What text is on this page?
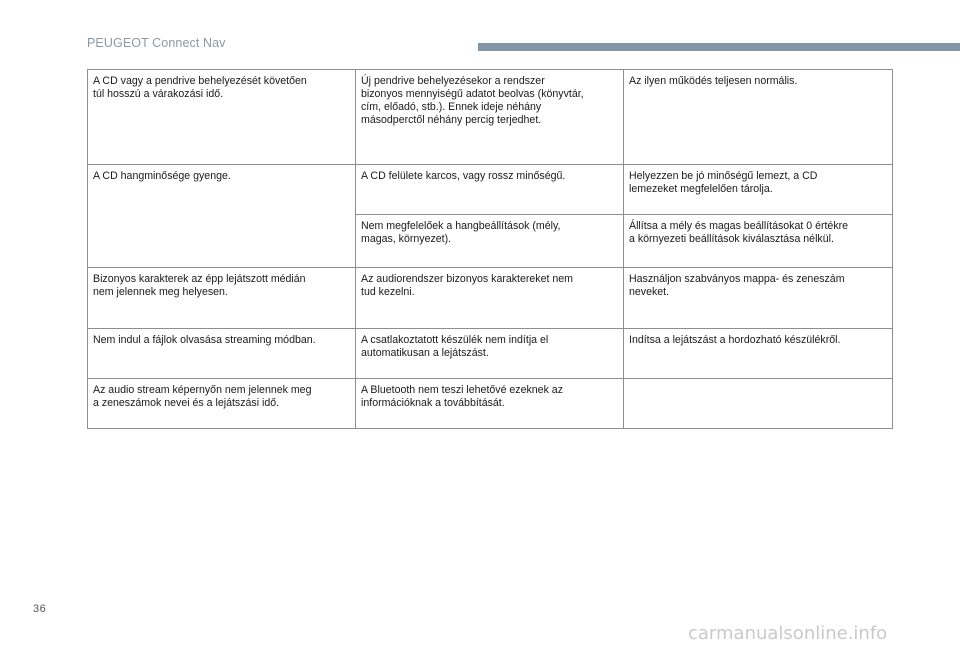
PEUGEOT Connect Nav
A CD vagy a pendrive behelyezését követően
túl hosszú a várakozási idő.	Új pendrive behelyezésekor a rendszer
bizonyos mennyiségű adatot beolvas (könyvtár,
cím, előadó, stb.). Ennek ideje néhány
másodperctől néhány percig terjedhet.	Az ilyen működés teljesen normális.

A CD hangminősége gyenge.	A CD felülete karcos, vagy rossz minőségű.	Helyezzen be jó minőségű lemezt, a CD
lemezeket megfelelően tárolja.

	Nem megfelelőek a hangbeállítások (mély,
magas, környezet).	Állítsa a mély és magas beállításokat 0 értékre
a környezeti beállítások kiválasztása nélkül.

Bizonyos karakterek az épp lejátszott médián
nem jelennek meg helyesen.	Az audiorendszer bizonyos karaktereket nem
tud kezelni.	Használjon szabványos mappa- és zeneszám
neveket.

Nem indul a fájlok olvasása streaming módban.	A csatlakoztatott készülék nem indítja el
automatikusan a lejátszást.	Indítsa a lejátszást a hordozható készülékről.

Az audio stream képernyőn nem jelennek meg
a zeneszámok nevei és a lejátszási idő.	A Bluetooth nem teszi lehetővé ezeknek az
információknak a továbbítását.	

36
carmanualsonline.info
